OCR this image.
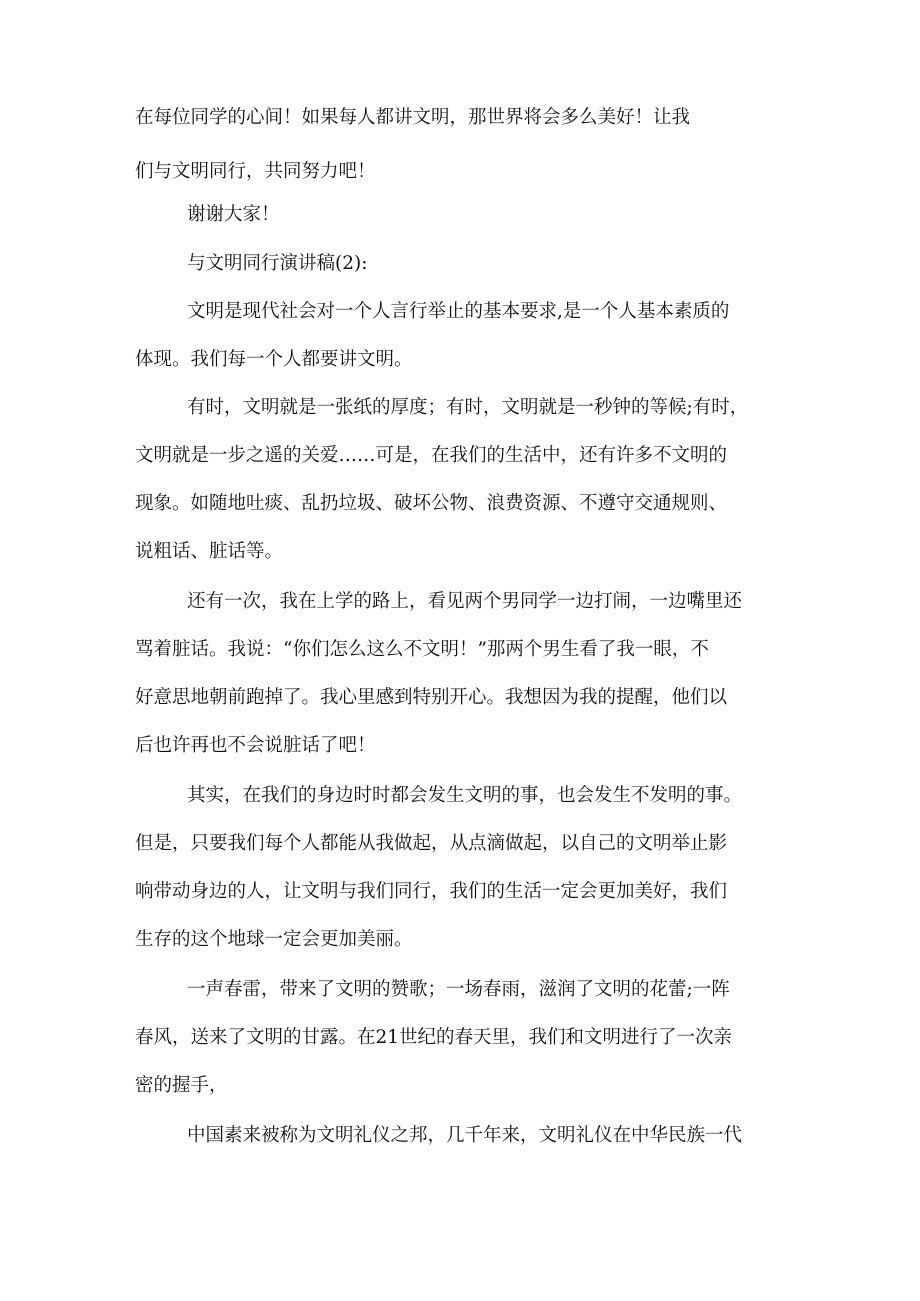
在每位同学的心间！如果每人都讲文明，那世界将会多么美好！让我
们与文明同行，共同努力吧！
谢谢大家！
与文明同行演讲稿(2):
文明是现代社会对一个人言行举止的基本要求,是一个人基本素质的
体现。我们每一个人都要讲文明。
有时，文明就是一张纸的厚度；有时，文明就是一秒钟的等候;有时，
文明就是一步之遥的关爱……可是，在我们的生活中，还有许多不文明的
现象。如随地吐痰、乱扔垃圾、破坏公物、浪费资源、不遵守交通规则、
说粗话、脏话等。
还有一次，我在上学的路上，看见两个男同学一边打闹，一边嘴里还
骂着脏话。我说：“你们怎么这么不文明！”那两个男生看了我一眼，不
好意思地朝前跑掉了。我心里感到特别开心。我想因为我的提醒，他们以
后也许再也不会说脏话了吧！
其实，在我们的身边时时都会发生文明的事，也会发生不发明的事。
但是，只要我们每个人都能从我做起，从点滴做起，以自己的文明举止影
响带动身边的人，让文明与我们同行，我们的生活一定会更加美好，我们
生存的这个地球一定会更加美丽。
一声春雷，带来了文明的赞歌；一场春雨，滋润了文明的花蕾;一阵
春风，送来了文明的甘露。在21世纪的春天里，我们和文明进行了一次亲
密的握手，
中国素来被称为文明礼仪之邦，几千年来，文明礼仪在中华民族一代
